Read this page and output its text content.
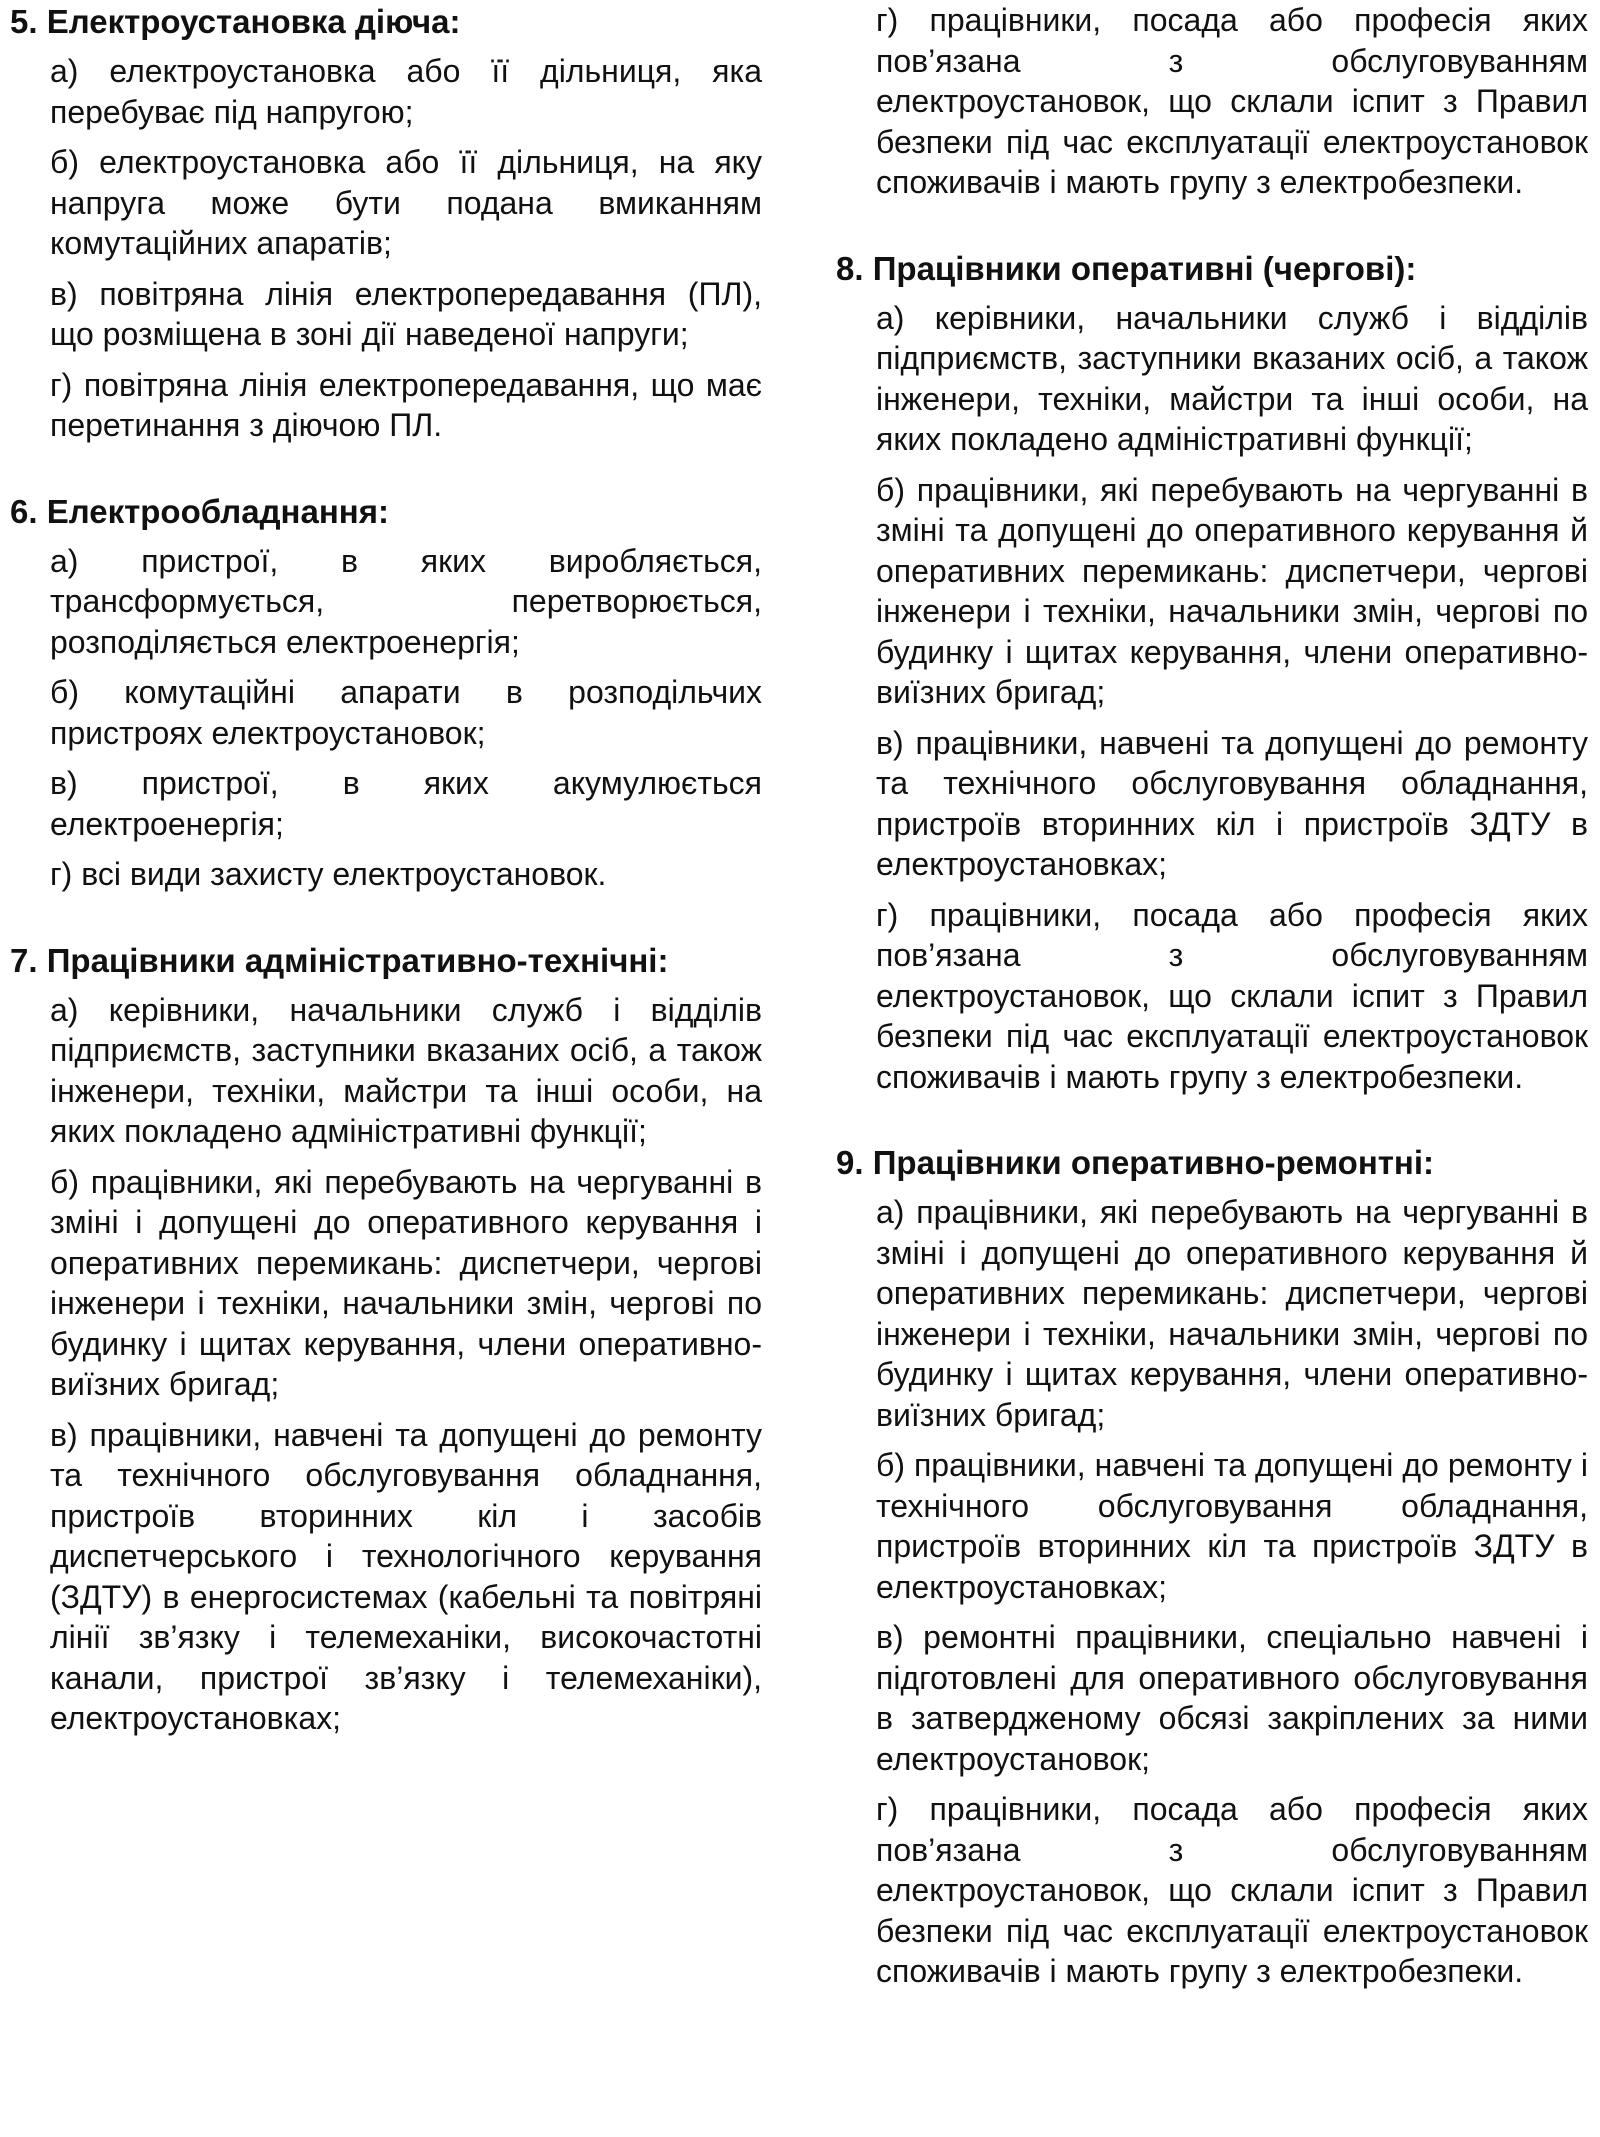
5. Електроустановка діюча:

а) електроустановка або її дільниця, яка перебуває під напругою;

б) електроустановка або її дільниця, на яку напруга може бути подана вмиканням комутаційних апаратів;

в) повітряна лінія електропередавання (ПЛ), що розміщена в зоні дії наведеної напруги;

г) повітряна лінія електропередавання, що має перетинання з діючою ПЛ.

6. Електрообладнання:

а) пристрої, в яких виробляється, трансформується, перетворюється, розподіляється електроенергія;

б) комутаційні апарати в розподільчих пристроях електроустановок;

в) пристрої, в яких акумулюється електроенергія;

г) всі види захисту електроустановок.

7. Працівники адміністративно-технічні:

а) керівники, начальники служб і відділів підприємств, заступники вказаних осіб, а також інженери, техніки, майстри та інші особи, на яких покладено адміністративні функції;

б) працівники, які перебувають на чергуванні в зміні і допущені до оперативного керування і оперативних перемикань: диспетчери, чергові інженери і техніки, начальники змін, чергові по будинку і щитах керування, члени оперативно-виїзних бригад;

в) працівники, навчені та допущені до ремонту та технічного обслуговування обладнання, пристроїв вторинних кіл і засобів диспетчерського і технологічного керування (ЗДТУ) в енергосистемах (кабельні та повітряні лінії зв’язку і телемеханіки, високочастотні канали, пристрої зв’язку і телемеханіки), електроустановках;

г) працівники, посада або професія яких пов’язана з обслуговуванням електроустановок, що склали іспит з Правил безпеки під час експлуатації електроустановок споживачів і мають групу з електробезпеки.

8. Працівники оперативні (чергові):

а) керівники, начальники служб і відділів підприємств, заступники вказаних осіб, а також інженери, техніки, майстри та інші особи, на яких покладено адміністративні функції;

б) працівники, які перебувають на чергуванні в зміні та допущені до оперативного керування й оперативних перемикань: диспетчери, чергові інженери і техніки, начальники змін, чергові по будинку і щитах керування, члени оперативно-виїзних бригад;

в) працівники, навчені та допущені до ремонту та технічного обслуговування обладнання, пристроїв вторинних кіл і пристроїв ЗДТУ в електроустановках;

г) працівники, посада або професія яких пов’язана з обслуговуванням електроустановок, що склали іспит з Правил безпеки під час експлуатації електроустановок споживачів і мають групу з електробезпеки.

9. Працівники оперативно-ремонтні:

а) працівники, які перебувають на чергуванні в зміні і допущені до оперативного керування й оперативних перемикань: диспетчери, чергові інженери і техніки, начальники змін, чергові по будинку і щитах керування, члени оперативно-виїзних бригад;

б) працівники, навчені та допущені до ремонту і технічного обслуговування обладнання, пристроїв вторинних кіл та пристроїв ЗДТУ в електроустановках;

в) ремонтні працівники, спеціально навчені і підготовлені для оперативного обслуговування в затвердженому обсязі закріплених за ними електроустановок;

г) працівники, посада або професія яких пов’язана з обслуговуванням електроустановок, що склали іспит з Правил безпеки під час експлуатації електроустановок споживачів і мають групу з електробезпеки.
